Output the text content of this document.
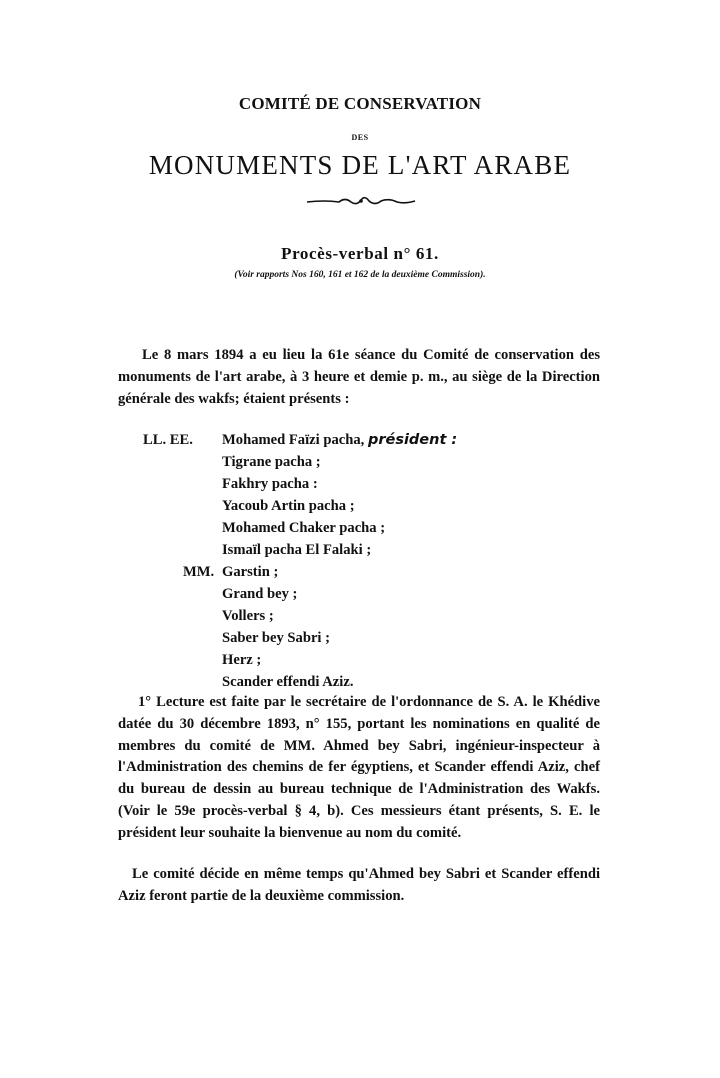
COMITÉ DE CONSERVATION
DES
MONUMENTS DE L'ART ARABE
Procès-verbal n° 61.
(Voir rapports Nos 160, 161 et 162 de la deuxième Commission).
Le 8 mars 1894 a eu lieu la 61e séance du Comité de conservation des monuments de l'art arabe, à 3 heure et demie p. m., au siège de la Direction générale des wakfs; étaient présents :
LL. EE. Mohamed Faïzi pacha, président :
Tigrane pacha ;
Fakhry pacha :
Yacoub Artin pacha ;
Mohamed Chaker pacha ;
Ismaïl pacha El Falaki ;
MM. Garstin ;
Grand bey ;
Vollers ;
Saber bey Sabri ;
Herz ;
Scander effendi Aziz.
1° Lecture est faite par le secrétaire de l'ordonnance de S. A. le Khédive datée du 30 décembre 1893, n° 155, portant les nominations en qualité de membres du comité de MM. Ahmed bey Sabri, ingénieur-inspecteur à l'Administration des chemins de fer égyptiens, et Scander effendi Aziz, chef du bureau de dessin au bureau technique de l'Administration des Wakfs. (Voir le 59e procès-verbal § 4, b). Ces messieurs étant présents, S. E. le président leur souhaite la bienvenue au nom du comité.
Le comité décide en même temps qu'Ahmed bey Sabri et Scander effendi Aziz feront partie de la deuxième commission.
